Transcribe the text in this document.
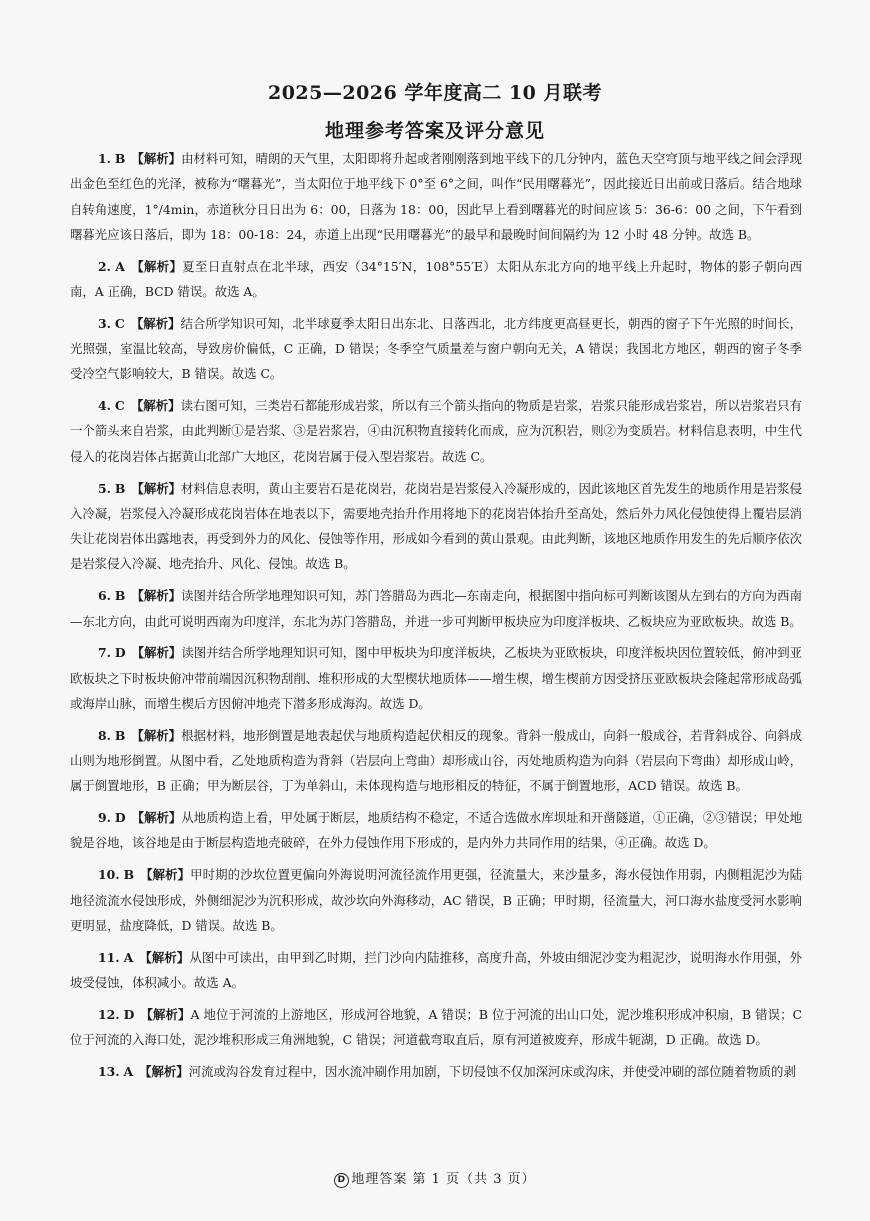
2025—2026 学年度高二 10 月联考
地理参考答案及评分意见

1. B 【解析】由材料可知，晴朗的天气里，太阳即将升起或者刚刚落到地平线下的几分钟内，蓝色天空穹顶与地平线之间会浮现出金色至红色的光泽，被称为“曙暮光”，当太阳位于地平线下 0°至 6°之间，叫作“民用曙暮光”，因此接近日出前或日落后。结合地球自转角速度，1°/4min，赤道秋分日日出为 6：00，日落为 18：00，因此早上看到曙暮光的时间应该 5：36-6：00 之间，下午看到曙暮光应该日落后，即为 18：00-18：24，赤道上出现“民用曙暮光”的最早和最晚时间间隔约为 12 小时 48 分钟。故选 B。

2. A 【解析】夏至日直射点在北半球，西安（34°15′N，108°55′E）太阳从东北方向的地平线上升起时，物体的影子朝向西南，A 正确，BCD 错误。故选 A。

3. C 【解析】结合所学知识可知，北半球夏季太阳日出东北、日落西北，北方纬度更高昼更长，朝西的窗子下午光照的时间长，光照强，室温比较高，导致房价偏低，C 正确，D 错误；冬季空气质量差与窗户朝向无关，A 错误；我国北方地区，朝西的窗子冬季受冷空气影响较大，B 错误。故选 C。

4. C 【解析】读右图可知，三类岩石都能形成岩浆，所以有三个箭头指向的物质是岩浆，岩浆只能形成岩浆岩，所以岩浆岩只有一个箭头来自岩浆，由此判断①是岩浆、③是岩浆岩，④由沉积物直接转化而成，应为沉积岩，则②为变质岩。材料信息表明，中生代侵入的花岗岩体占据黄山北部广大地区，花岗岩属于侵入型岩浆岩。故选 C。

5. B 【解析】材料信息表明，黄山主要岩石是花岗岩，花岗岩是岩浆侵入冷凝形成的，因此该地区首先发生的地质作用是岩浆侵入冷凝，岩浆侵入冷凝形成花岗岩体在地表以下，需要地壳抬升作用将地下的花岗岩体抬升至高处，然后外力风化侵蚀使得上覆岩层消失让花岗岩体出露地表，再受到外力的风化、侵蚀等作用，形成如今看到的黄山景观。由此判断，该地区地质作用发生的先后顺序依次是岩浆侵入冷凝、地壳抬升、风化、侵蚀。故选 B。

6. B 【解析】读图并结合所学地理知识可知，苏门答腊岛为西北—东南走向，根据图中指向标可判断该图从左到右的方向为西南—东北方向，由此可说明西南为印度洋，东北为苏门答腊岛，并进一步可判断甲板块应为印度洋板块、乙板块应为亚欧板块。故选 B。

7. D 【解析】读图并结合所学地理知识可知，图中甲板块为印度洋板块，乙板块为亚欧板块，印度洋板块因位置较低，俯冲到亚欧板块之下时板块俯冲带前端因沉积物刮削、堆积形成的大型楔状地质体——增生楔，增生楔前方因受挤压亚欧板块会隆起常形成岛弧或海岸山脉，而增生楔后方因俯冲地壳下潜多形成海沟。故选 D。

8. B 【解析】根据材料，地形倒置是地表起伏与地质构造起伏相反的现象。背斜一般成山，向斜一般成谷，若背斜成谷、向斜成山则为地形倒置。从图中看，乙处地质构造为背斜（岩层向上弯曲）却形成山谷，丙处地质构造为向斜（岩层向下弯曲）却形成山岭，属于倒置地形，B 正确；甲为断层谷，丁为单斜山，未体现构造与地形相反的特征，不属于倒置地形，ACD 错误。故选 B。

9. D 【解析】从地质构造上看，甲处属于断层，地质结构不稳定，不适合选做水库坝址和开凿隧道，①正确，②③错误；甲处地貌是谷地，该谷地是由于断层构造地壳破碎，在外力侵蚀作用下形成的，是内外力共同作用的结果，④正确。故选 D。

10. B 【解析】甲时期的沙坎位置更偏向外海说明河流径流作用更强，径流量大，来沙量多，海水侵蚀作用弱，内侧粗泥沙为陆地径流流水侵蚀形成，外侧细泥沙为沉积形成，故沙坎向外海移动，AC 错误，B 正确；甲时期，径流量大，河口海水盐度受河水影响更明显，盐度降低，D 错误。故选 B。

11. A 【解析】从图中可读出，由甲到乙时期，拦门沙向内陆推移，高度升高，外坡由细泥沙变为粗泥沙，说明海水作用强，外坡受侵蚀，体积减小。故选 A。

12. D 【解析】A 地位于河流的上游地区，形成河谷地貌，A 错误；B 位于河流的出山口处，泥沙堆积形成冲积扇，B 错误；C 位于河流的入海口处，泥沙堆积形成三角洲地貌，C 错误；河道截弯取直后，原有河道被废弃，形成牛轭湖，D 正确。故选 D。

13. A 【解析】河流或沟谷发育过程中，因水流冲刷作用加剧，下切侵蚀不仅加深河床或沟床，并使受冲刷的部位随着物质的剥

D 地理答案 第 1 页（共 3 页）
